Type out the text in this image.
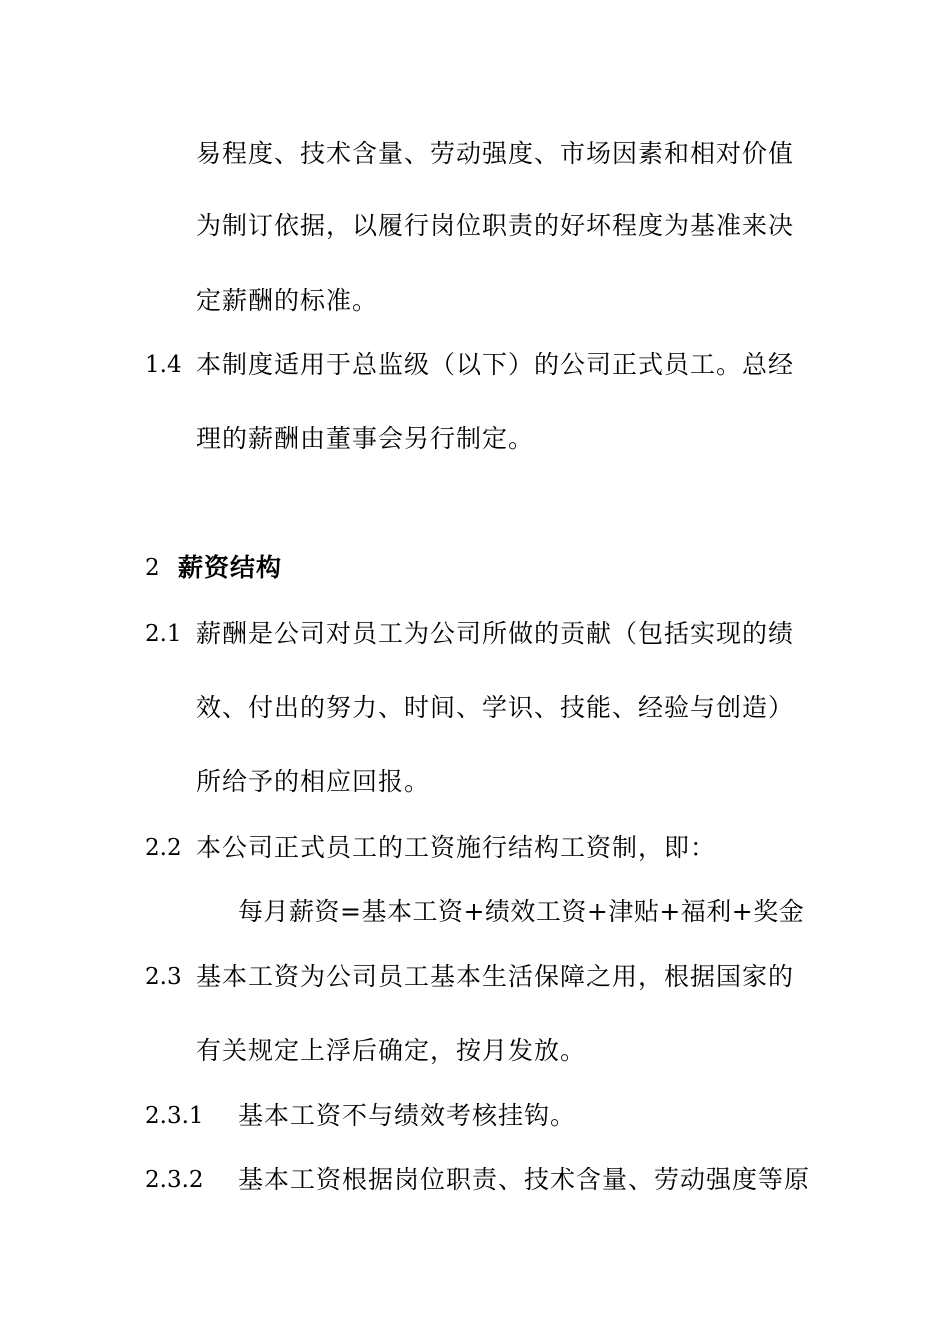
易程度、技术含量、劳动强度、市场因素和相对价值
为制订依据，以履行岗位职责的好坏程度为基准来决
定薪酬的标准。
1.4 本制度适用于总监级（以下）的公司正式员工。总经
理的薪酬由董事会另行制定。
2 薪资结构
2.1 薪酬是公司对员工为公司所做的贡献（包括实现的绩
效、付出的努力、时间、学识、技能、经验与创造）
所给予的相应回报。
2.2 本公司正式员工的工资施行结构工资制，即：
每月薪资=基本工资+绩效工资+津贴+福利+奖金
2.3 基本工资为公司员工基本生活保障之用，根据国家的
有关规定上浮后确定，按月发放。
2.3.1 基本工资不与绩效考核挂钩。
2.3.2 基本工资根据岗位职责、技术含量、劳动强度等原
